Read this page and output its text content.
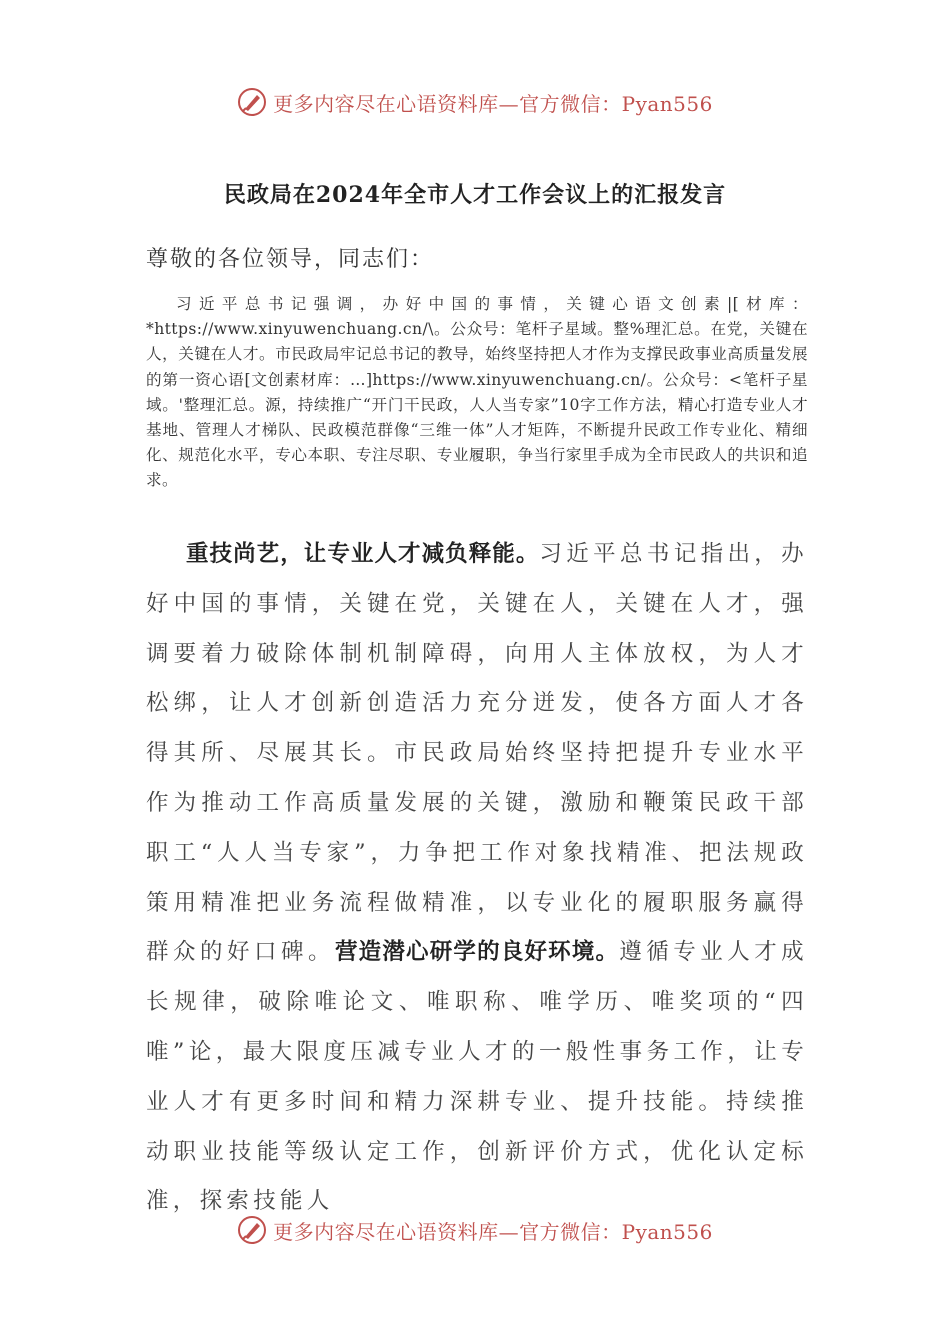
更多内容尽在心语资料库—官方微信：Pyan556
民政局在2024年全市人才工作会议上的汇报发言
尊敬的各位领导，同志们：
习近平总书记强调，办好中国的事情，关键心语文创素|[材库：*https://www.xinyuwenchuang.cn/\。公众号：笔杆子星域。整%理汇总。在党，关键在人，关键在人才。市民政局牢记总书记的教导，始终坚持把人才作为支撑民政事业高质量发展的第一资心语[文创素材库：…]https://www.xinyuwenchuang.cn/。公众号：<笔杆子星域。'整理汇总。源，持续推广“开门干民政，人人当专家”10字工作方法，精心打造专业人才基地、管理人才梯队、民政模范群像“三维一体”人才矩阵，不断提升民政工作专业化、精细化、规范化水平，专心本职、专注尽职、专业履职，争当行家里手成为全市民政人的共识和追求。
重技尚艺，让专业人才减负释能。习近平总书记指出，办好中国的事情，关键在党，关键在人，关键在人才，强调要着力破除体制机制障碍，向用人主体放权，为人才松绑，让人才创新创造活力充分迸发，使各方面人才各得其所、尽展其长。市民政局始终坚持把提升专业水平作为推动工作高质量发展的关键，激励和鞭策民政干部职工“人人当专家”，力争把工作对象找精准、把法规政策用精准把业务流程做精准，以专业化的履职服务赢得群众的好口碑。营造潜心研学的良好环境。遵循专业人才成长规律，破除唯论文、唯职称、唯学历、唯奖项的“四唯”论，最大限度压减专业人才的一般性事务工作，让专业人才有更多时间和精力深耕专业、提升技能。持续推动职业技能等级认定工作，创新评价方式，优化认定标准，探索技能人
更多内容尽在心语资料库—官方微信：Pyan556
